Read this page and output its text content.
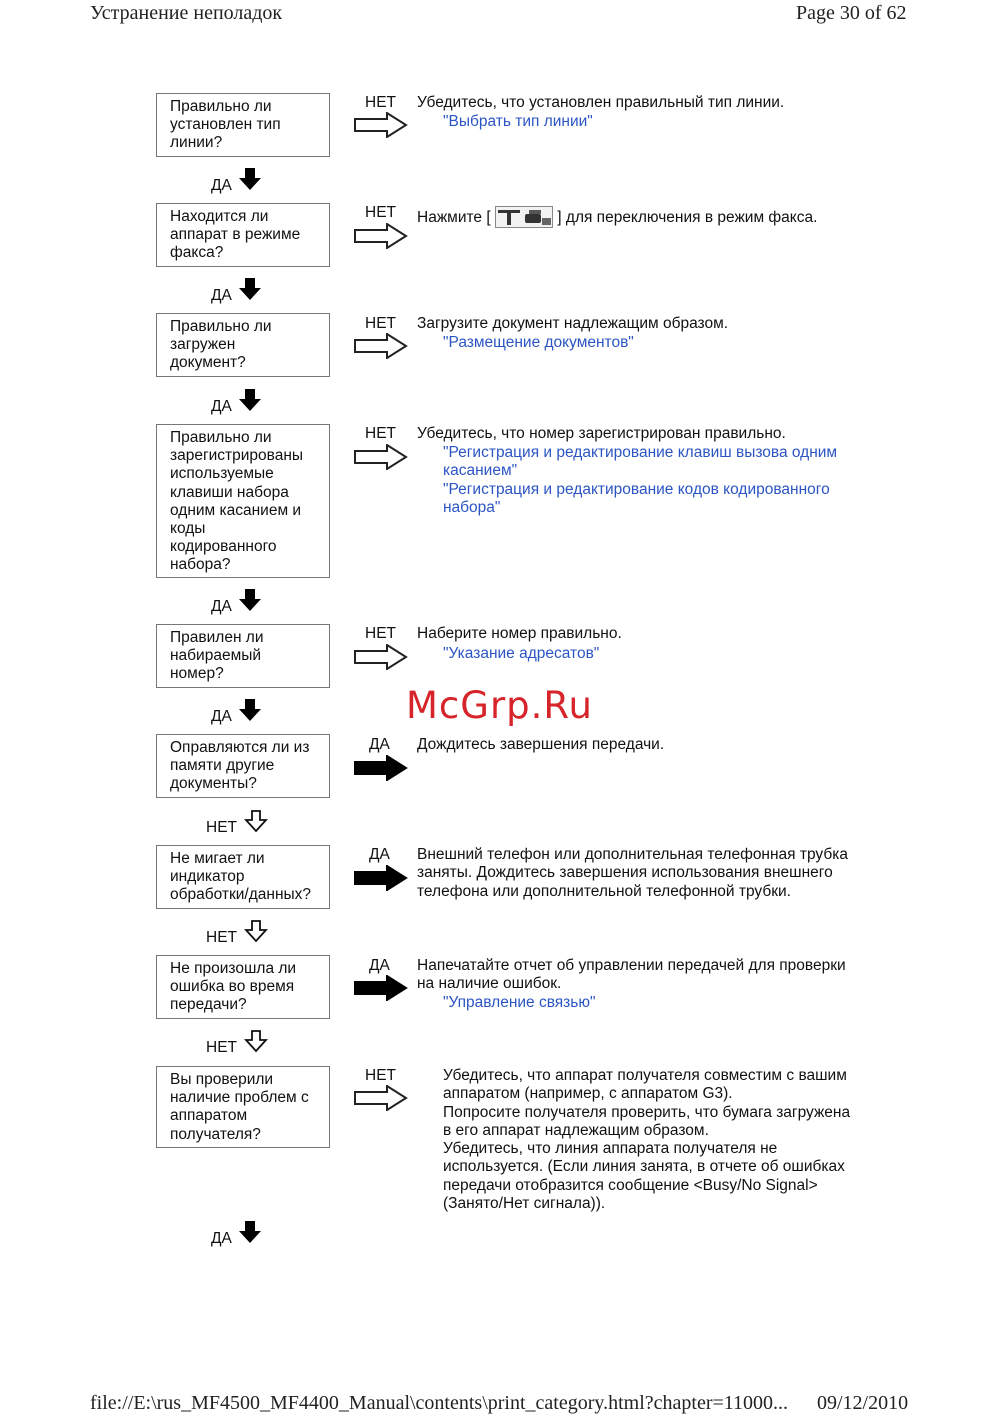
Устранение неполадок	Page 30 of 62
Правильно ли
установлен тип
линии?
НЕТ Убедитесь, что установлен правильный тип линии.
"Выбрать тип линии"
ДА
Находится ли
аппарат в режиме
факса?
НЕТ Нажмите [	] для переключения в режим факса.
ДА
Правильно ли
загружен
документ?
НЕТ Загрузите документ надлежащим образом.
"Размещение документов"
ДА
Правильно ли
зарегистрированы
используемые
клавиши набора
одним касанием и
коды
кодированного
набора?
НЕТ Убедитесь, что номер зарегистрирован правильно.
"Регистрация и редактирование клавиш вызова одним
касанием"
"Регистрация и редактирование кодов кодированного
набора"
ДА
Правилен ли
набираемый
номер?
НЕТ Наберите номер правильно.
"Указание адресатов"
ДА	McGrp.Ru
Оправляются ли из
памяти другие
документы?
ДА Дождитесь завершения передачи.
НЕТ
Не мигает ли
индикатор
обработки/данных?
ДА Внешний телефон или дополнительная телефонная трубка
заняты. Дождитесь завершения использования внешнего
телефона или дополнительной телефонной трубки.
НЕТ
Не произошла ли
ошибка во время
передачи?
ДА Напечатайте отчет об управлении передачей для проверки
на наличие ошибок.
"Управление связью"
НЕТ
Вы проверили
наличие проблем с
аппаратом
получателя?
НЕТ	Убедитесь, что аппарат получателя совместим с вашим
аппаратом (например, с аппаратом G3).
Попросите получателя проверить, что бумага загружена
в его аппарат надлежащим образом.
Убедитесь, что линия аппарата получателя не
используется. (Если линия занята, в отчете об ошибках
передачи отобразится сообщение <Busy/No Signal>
(Занято/Нет сигнала)).
ДА
file://E:\rus_MF4500_MF4400_Manual\contents\print_category.html?chapter=11000... 09/12/2010
